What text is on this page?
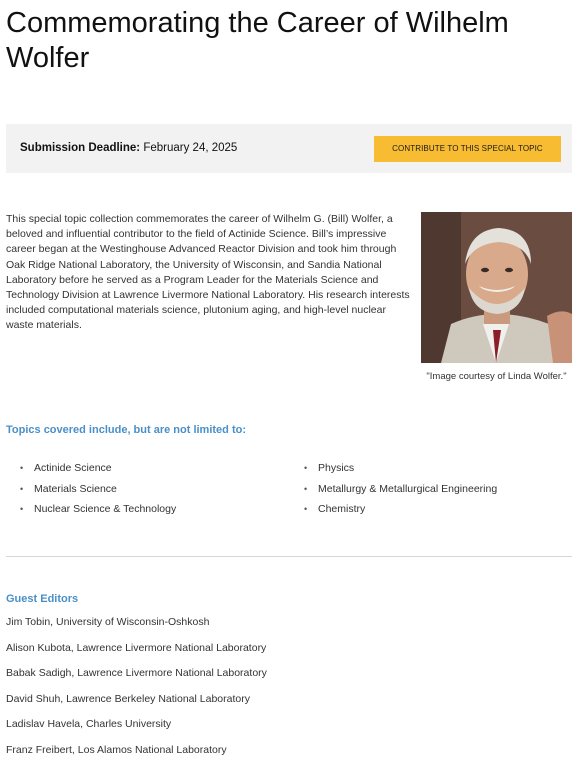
Commemorating the Career of Wilhelm Wolfer
Submission Deadline: February 24, 2025	CONTRIBUTE TO THIS SPECIAL TOPIC

This special topic collection commemorates the career of Wilhelm G. (Bill) Wolfer, a beloved and influential contributor to the field of Actinide Science. Bill’s impressive career began at the Westinghouse Advanced Reactor Division and took him through Oak Ridge National Laboratory, the University of Wisconsin, and Sandia National Laboratory before he served as a Program Leader for the Materials Science and Technology Division at Lawrence Livermore National Laboratory. His research interests included computational materials science, plutonium aging, and high-level nuclear waste materials.

"Image courtesy of Linda Wolfer."

Topics covered include, but are not limited to:
• Actinide Science
• Materials Science
• Nuclear Science & Technology
• Physics
• Metallurgy & Metallurgical Engineering
• Chemistry
Guest Editors
Jim Tobin, University of Wisconsin-Oshkosh
Alison Kubota, Lawrence Livermore National Laboratory
Babak Sadigh, Lawrence Livermore National Laboratory
David Shuh, Lawrence Berkeley National Laboratory
Ladislav Havela, Charles University
Franz Freibert, Los Alamos National Laboratory
